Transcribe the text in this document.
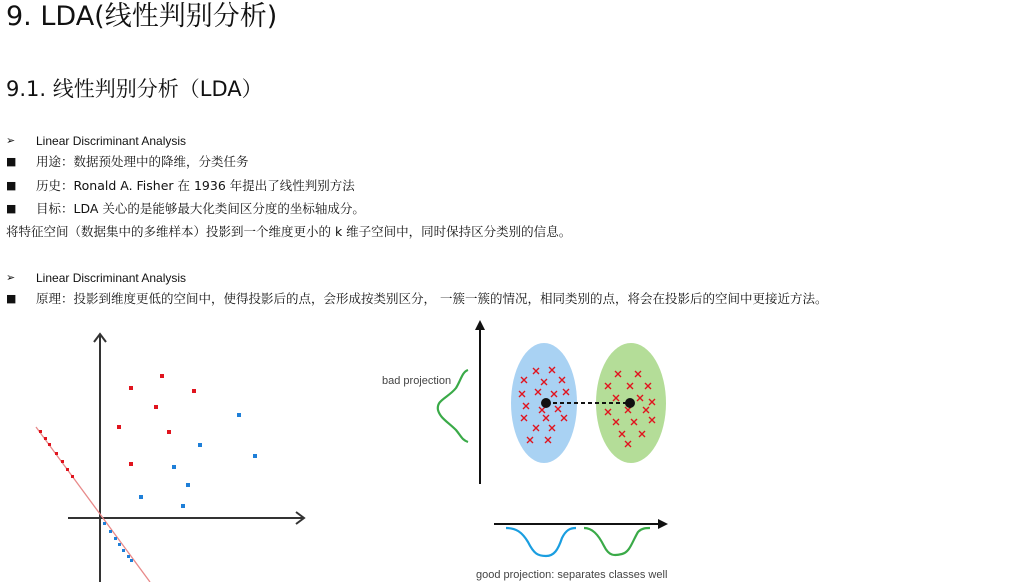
9. LDA(线性判别分析)
9.1. 线性判别分析（LDA）
➢ Linear Discriminant Analysis
■ 用途：数据预处理中的降维，分类任务
■ 历史：Ronald A. Fisher 在 1936 年提出了线性判别方法
■ 目标：LDA 关心的是能够最大化类间区分度的坐标轴成分。
将特征空间（数据集中的多维样本）投影到一个维度更小的 k 维子空间中，同时保持区分类别的信息。
➢ Linear Discriminant Analysis
■ 原理：投影到维度更低的空间中，使得投影后的点，会形成按类别区分， 一簇一簇的情况，相同类别的点，将会在投影后的空间中更接近方法。
bad projection
good projection: separates classes well
